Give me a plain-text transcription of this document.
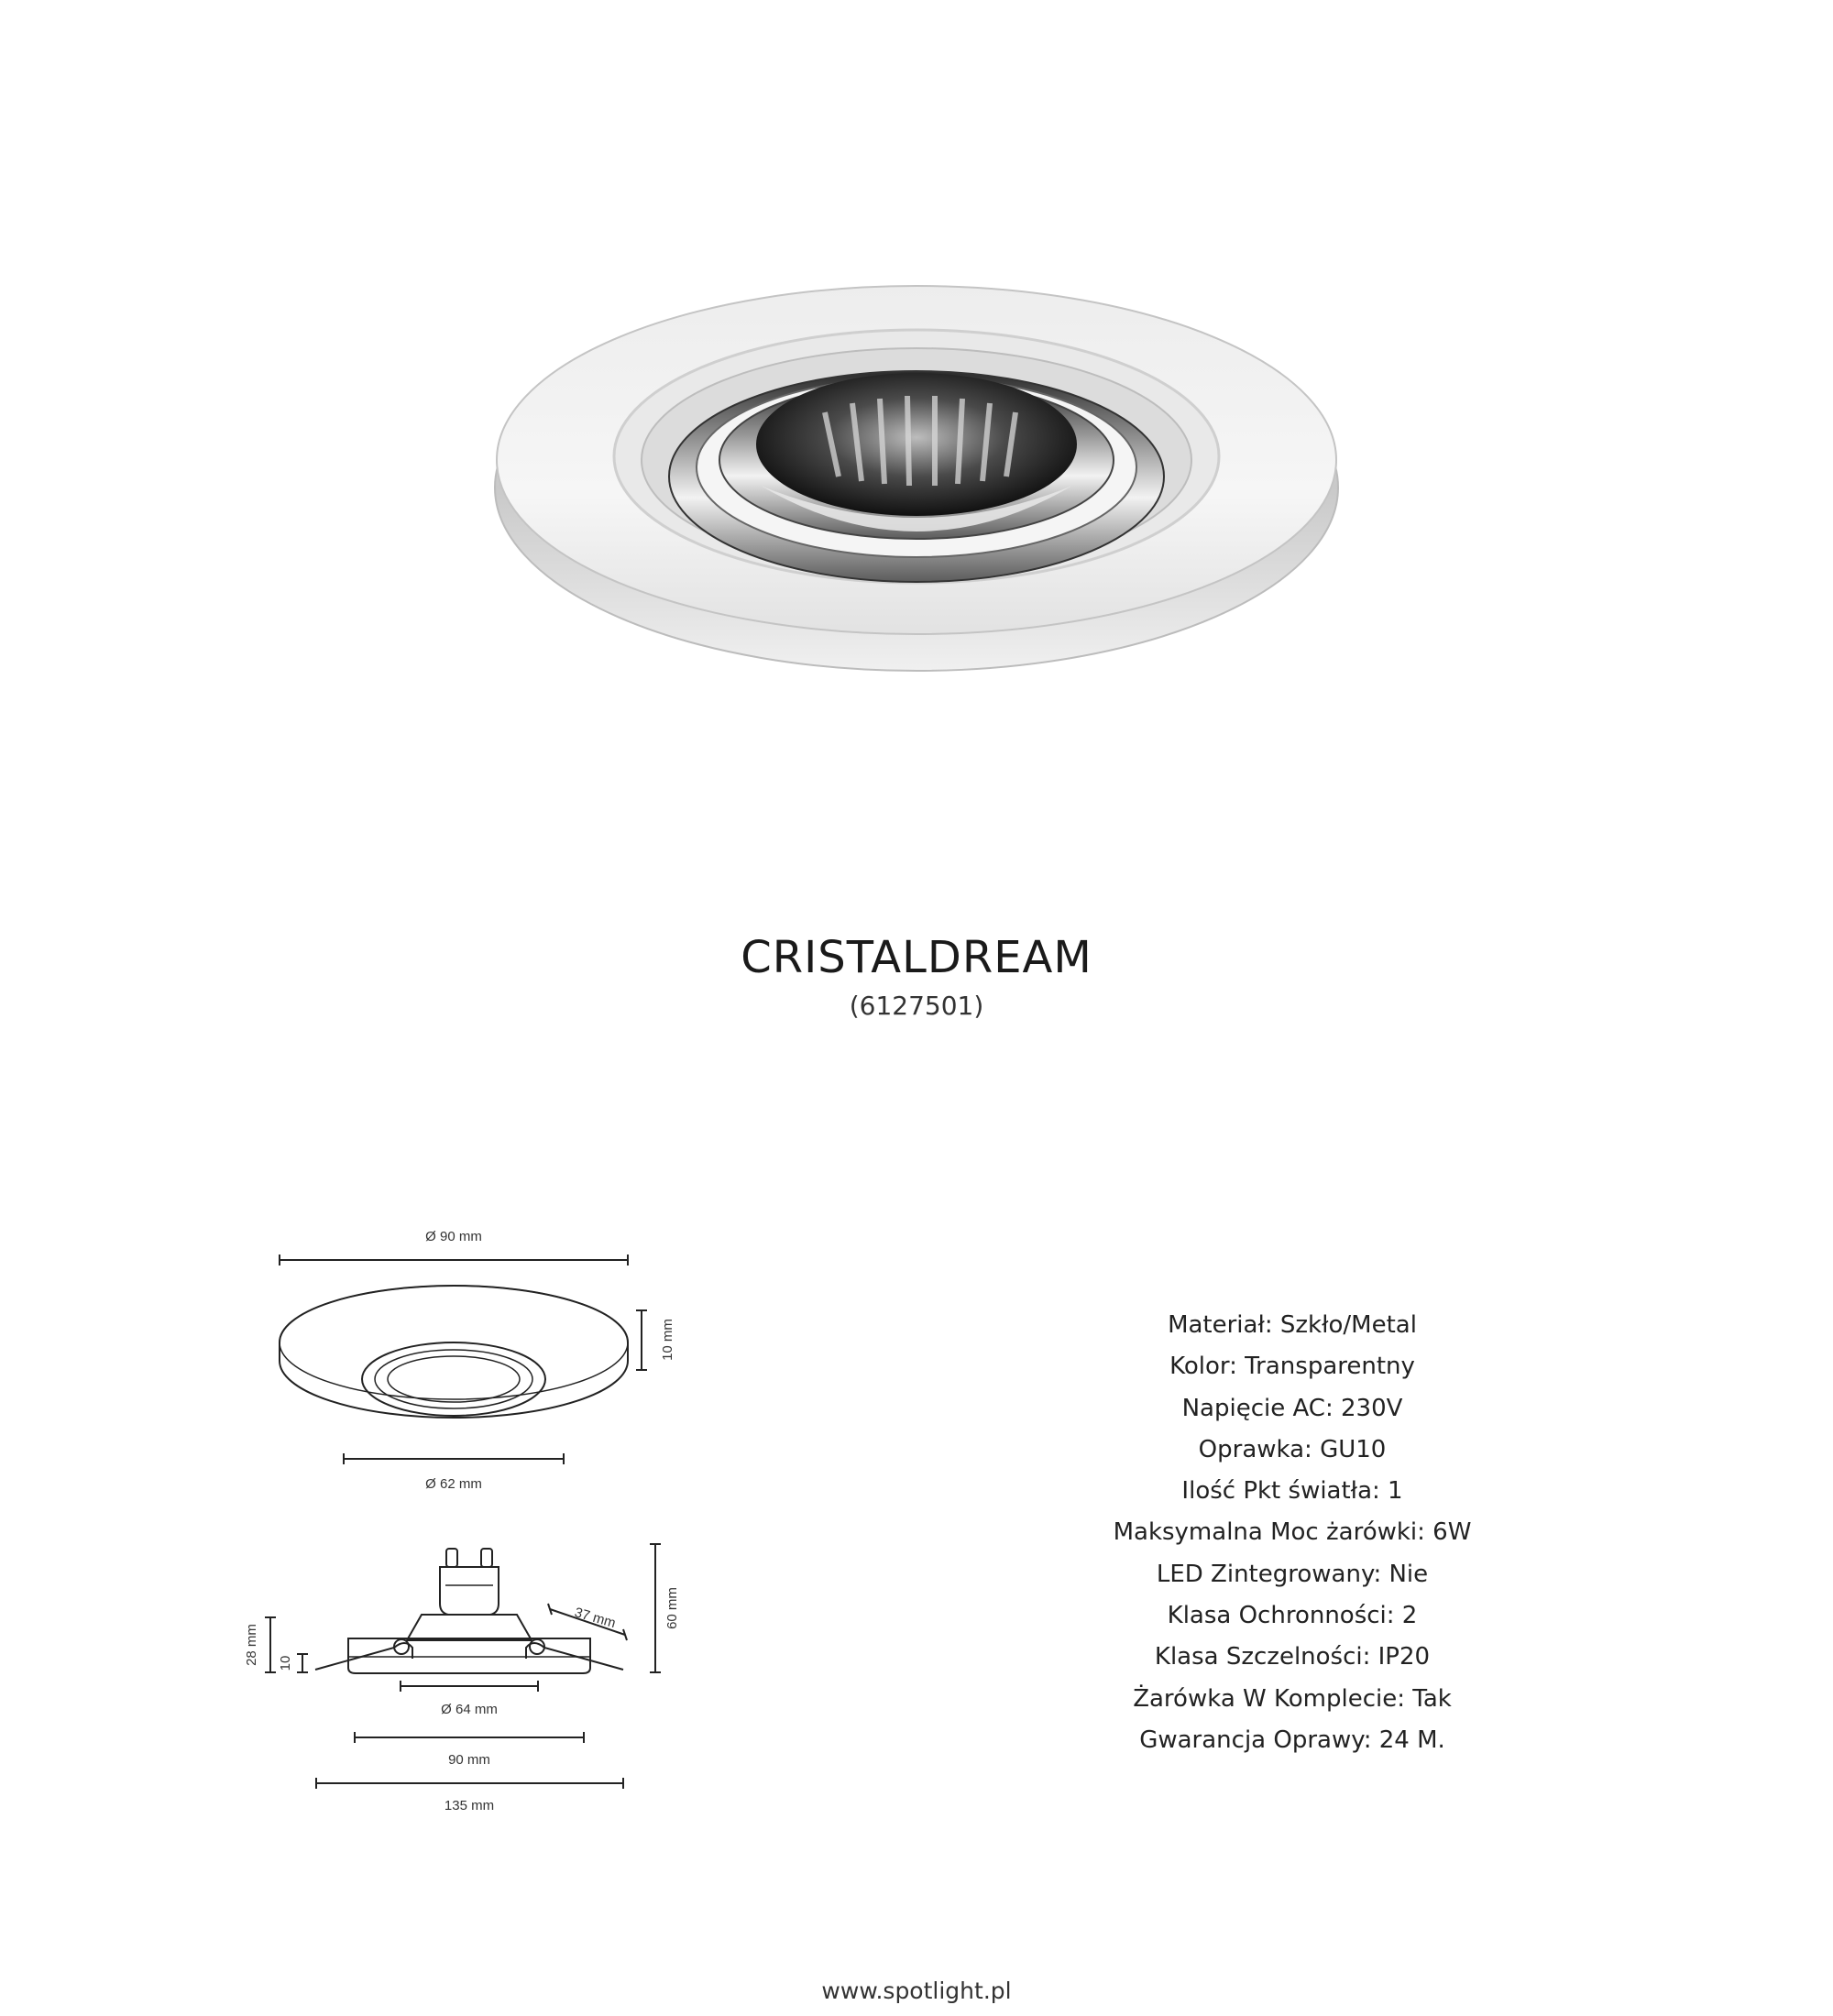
CRISTALDREAM
(6127501)
Ø 90 mm
10 mm
Ø 62 mm
37 mm	60 mm
28 mm 10
Ø 64 mm
90 mm
135 mm
Materiał: Szkło/Metal
Kolor: Transparentny
Napięcie AC: 230V
Oprawka: GU10
Ilość Pkt światła: 1
Maksymalna Moc żarówki: 6W
LED Zintegrowany: Nie
Klasa Ochronności: 2
Klasa Szczelności: IP20
Żarówka W Komplecie: Tak
Gwarancja Oprawy: 24 M.
www.spotlight.pl
